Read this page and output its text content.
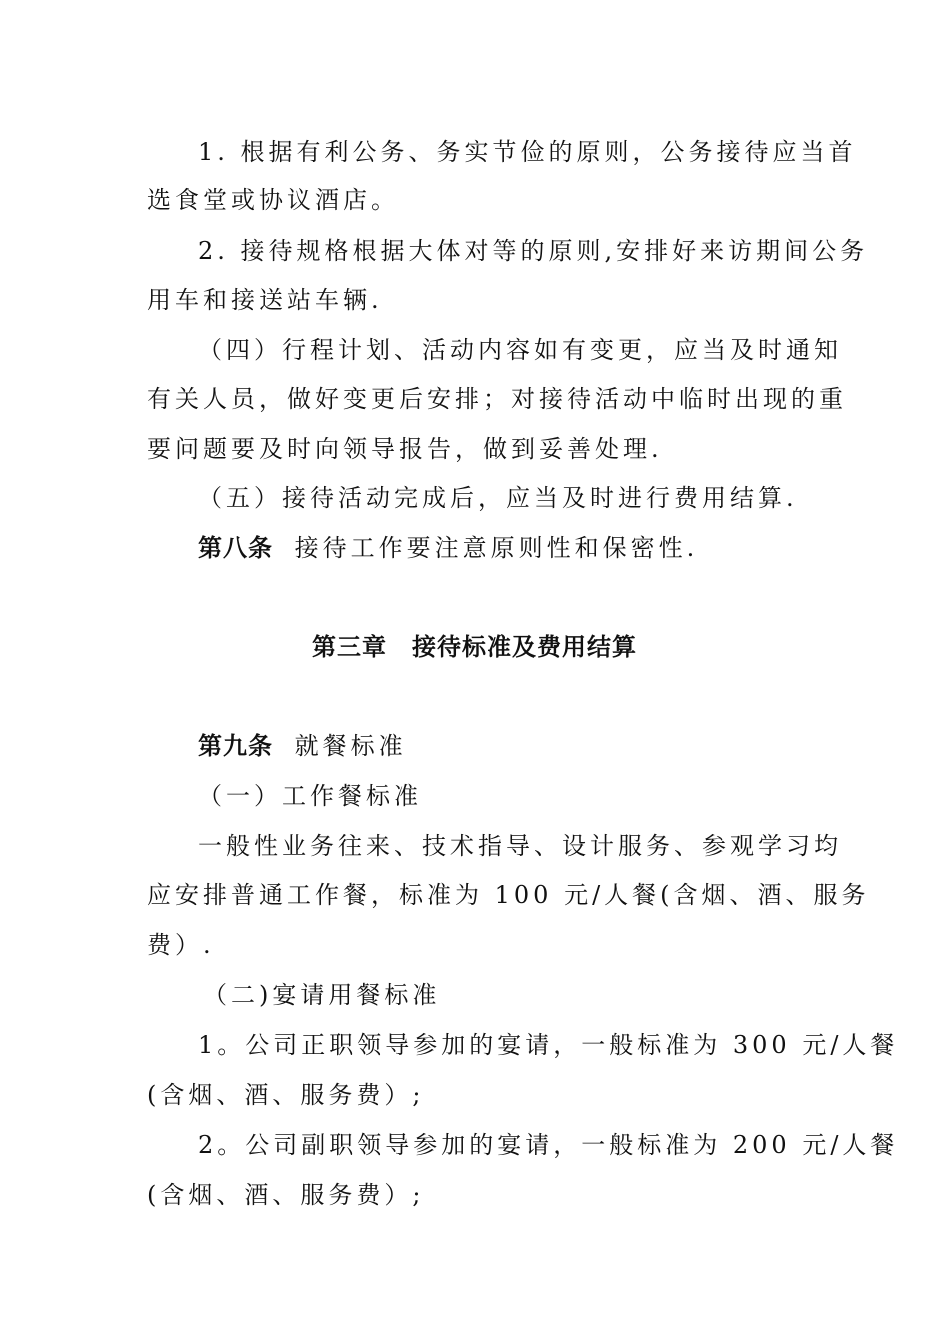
1. 根据有利公务、务实节俭的原则，公务接待应当首
选食堂或协议酒店。
2. 接待规格根据大体对等的原则,安排好来访期间公务
用车和接送站车辆.
（四）行程计划、活动内容如有变更，应当及时通知
有关人员，做好变更后安排；对接待活动中临时出现的重
要问题要及时向领导报告，做到妥善处理.
（五）接待活动完成后，应当及时进行费用结算.
第八条 接待工作要注意原则性和保密性.
第三章　接待标准及费用结算
第九条 就餐标准
（一）工作餐标准
一般性业务往来、技术指导、设计服务、参观学习均
应安排普通工作餐，标准为 100 元/人餐(含烟、酒、服务
费）.
（二)宴请用餐标准
1。公司正职领导参加的宴请，一般标准为 300 元/人餐
(含烟、酒、服务费）;
2。公司副职领导参加的宴请，一般标准为 200 元/人餐
(含烟、酒、服务费）;
